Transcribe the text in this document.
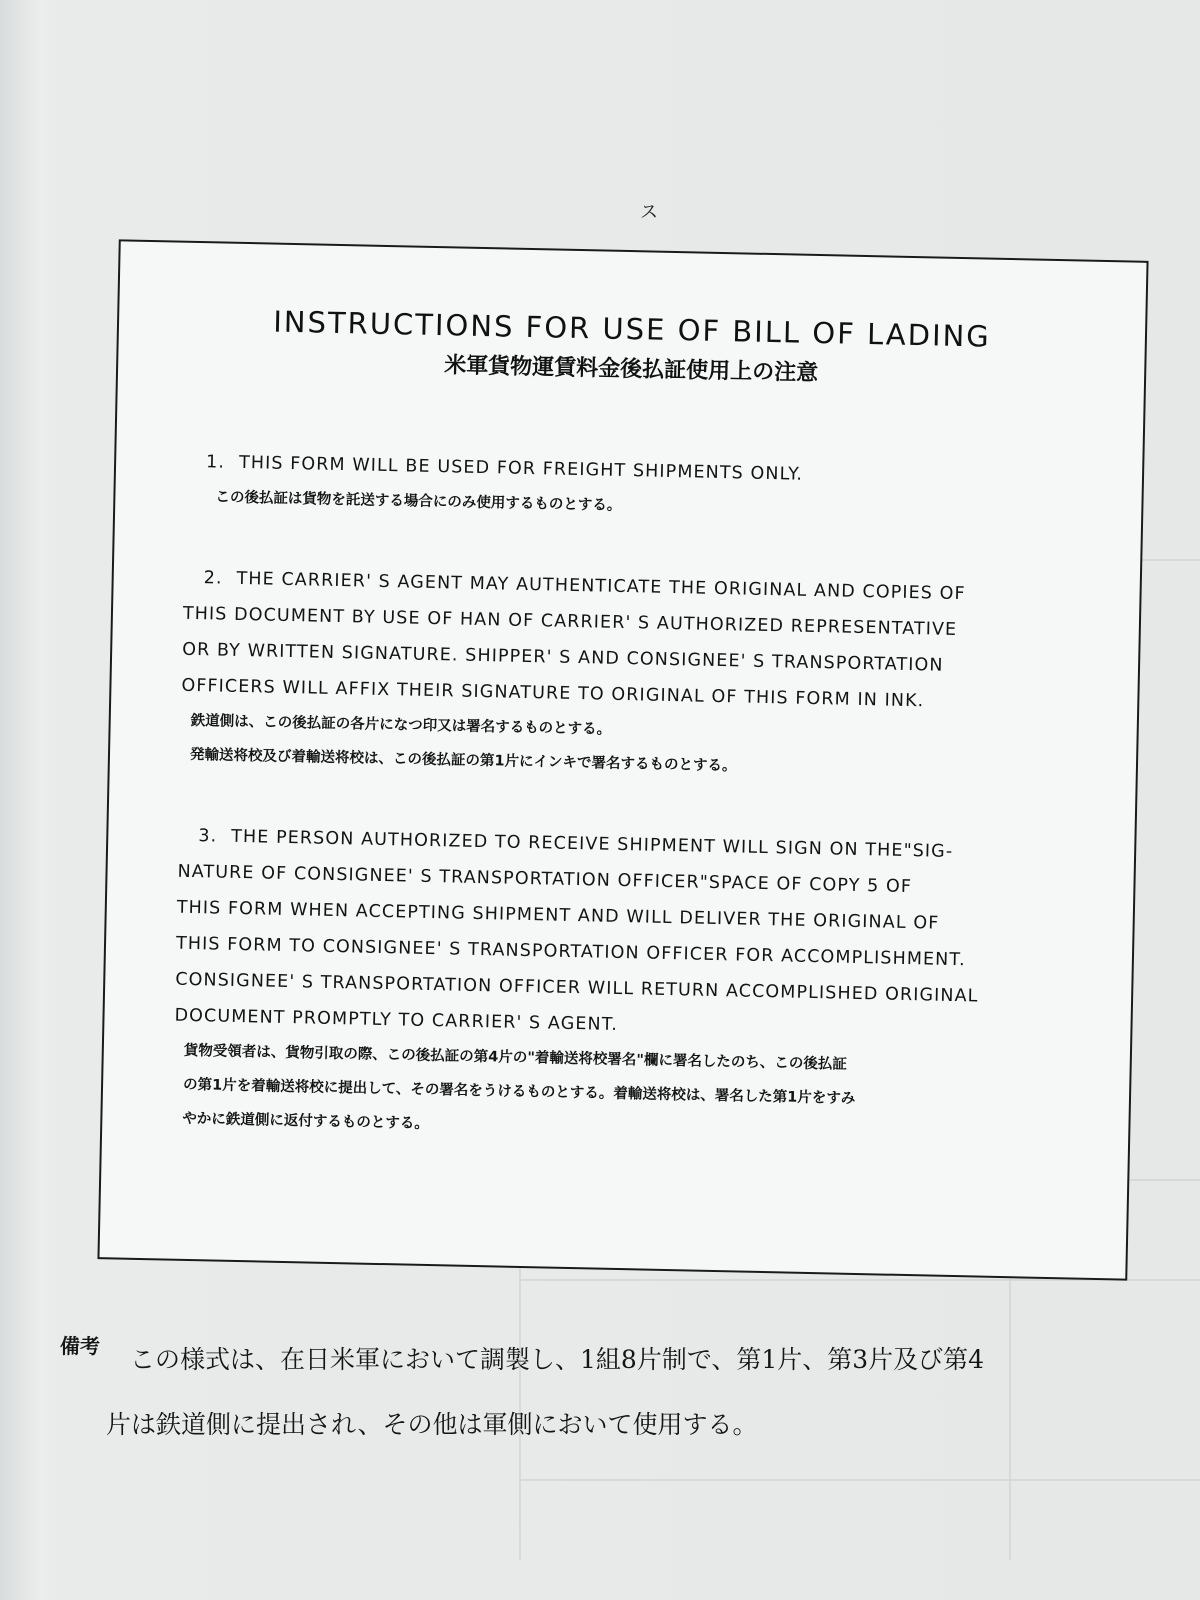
ス
INSTRUCTIONS FOR USE OF BILL OF LADING
米軍貨物運賃料金後払証使用上の注意

1. THIS FORM WILL BE USED FOR FREIGHT SHIPMENTS ONLY.

この後払証は貨物を託送する場合にのみ使用するものとする。

2. THE CARRIER' S AGENT MAY AUTHENTICATE THE ORIGINAL AND COPIES OF

THIS DOCUMENT BY USE OF HAN OF CARRIER' S AUTHORIZED REPRESENTATIVE

OR BY WRITTEN SIGNATURE. SHIPPER' S AND CONSIGNEE' S TRANSPORTATION

OFFICERS WILL AFFIX THEIR SIGNATURE TO ORIGINAL OF THIS FORM IN INK.

鉄道側は、この後払証の各片になつ印又は署名するものとする。

発輸送将校及び着輸送将校は、この後払証の第1片にインキで署名するものとする。

3. THE PERSON AUTHORIZED TO RECEIVE SHIPMENT WILL SIGN ON THE"SIG-

NATURE OF CONSIGNEE' S TRANSPORTATION OFFICER"SPACE OF COPY 5 OF

THIS FORM WHEN ACCEPTING SHIPMENT AND WILL DELIVER THE ORIGINAL OF

THIS FORM TO CONSIGNEE' S TRANSPORTATION OFFICER FOR ACCOMPLISHMENT.

CONSIGNEE' S TRANSPORTATION OFFICER WILL RETURN ACCOMPLISHED ORIGINAL

DOCUMENT PROMPTLY TO CARRIER' S AGENT.

貨物受領者は、貨物引取の際、この後払証の第4片の"着輸送将校署名"欄に署名したのち、この後払証

の第1片を着輸送将校に提出して、その署名をうけるものとする。着輸送将校は、署名した第1片をすみ

やかに鉄道側に返付するものとする。

備考 この様式は、在日米軍において調製し、1組8片制で、第1片、第3片及び第4
片は鉄道側に提出され、その他は軍側において使用する。
